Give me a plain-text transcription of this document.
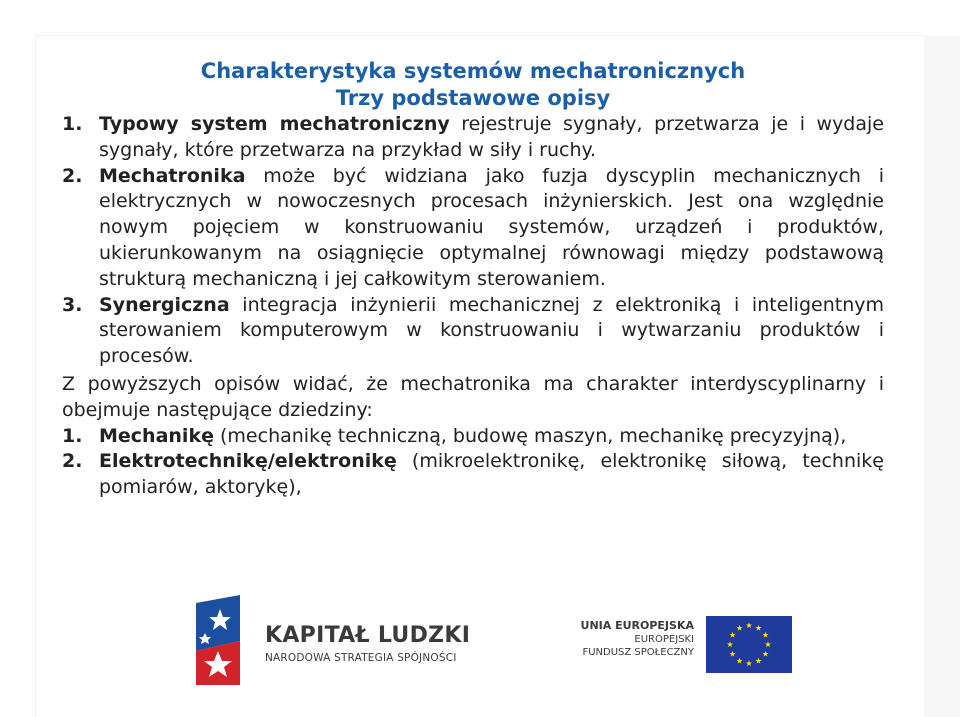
Charakterystyka systemów mechatronicznych
Trzy podstawowe opisy
1. Typowy system mechatroniczny rejestruje sygnały, przetwarza je i wydaje sygnały, które przetwarza na przykład w siły i ruchy.
2. Mechatronika może być widziana jako fuzja dyscyplin mechanicznych i elektrycznych w nowoczesnych procesach inżynierskich. Jest ona względnie nowym pojęciem w konstruowaniu systemów, urządzeń i produktów, ukierunkowanym na osiągnięcie optymalnej równowagi między podstawową strukturą mechaniczną i jej całkowitym sterowaniem.
3. Synergiczna integracja inżynierii mechanicznej z elektroniką i inteligentnym sterowaniem komputerowym w konstruowaniu i wytwarzaniu produktów i procesów.
Z powyższych opisów widać, że mechatronika ma charakter interdyscyplinarny i obejmuje następujące dziedziny:
1. Mechanikę (mechanikę techniczną, budowę maszyn, mechanikę precyzyjną),
2. Elektrotechnikę/elektronikę (mikroelektronikę, elektronikę siłową, technikę pomiarów, aktorykę),
KAPITAŁ LUDZKI
NARODOWA STRATEGIA SPÓJNOŚCI
UNIA EUROPEJSKA
EUROPEJSKI
FUNDUSZ SPOŁECZNY
